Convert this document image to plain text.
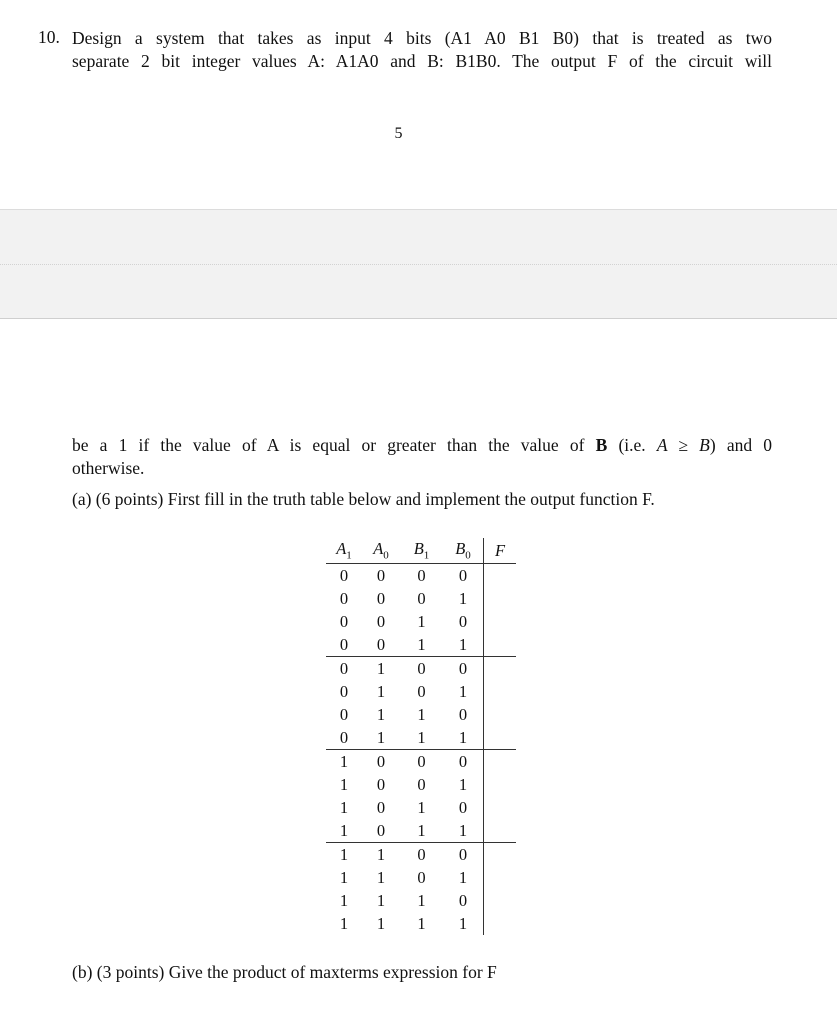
10. Design a system that takes as input 4 bits (A1 A0 B1 B0) that is treated as two
separate 2 bit integer values A: A1A0 and B: B1B0. The output F of the circuit will
5
be a 1 if the value of A is equal or greater than the value of B (i.e. A ≥ B) and 0
otherwise.
(a) (6 points) First fill in the truth table below and implement the output function F.
$A_1$	$A_0$	$B_1$	$B_0$	F
0	0	0	0	
0	0	0	1	
0	0	1	0	
0	0	1	1	
0	1	0	0	
0	1	0	1	
0	1	1	0	
0	1	1	1	
1	0	0	0	
1	0	0	1	
1	0	1	0	
1	0	1	1	
1	1	0	0	
1	1	0	1	
1	1	1	0	
1	1	1	1	
(b) (3 points) Give the product of maxterms expression for F
